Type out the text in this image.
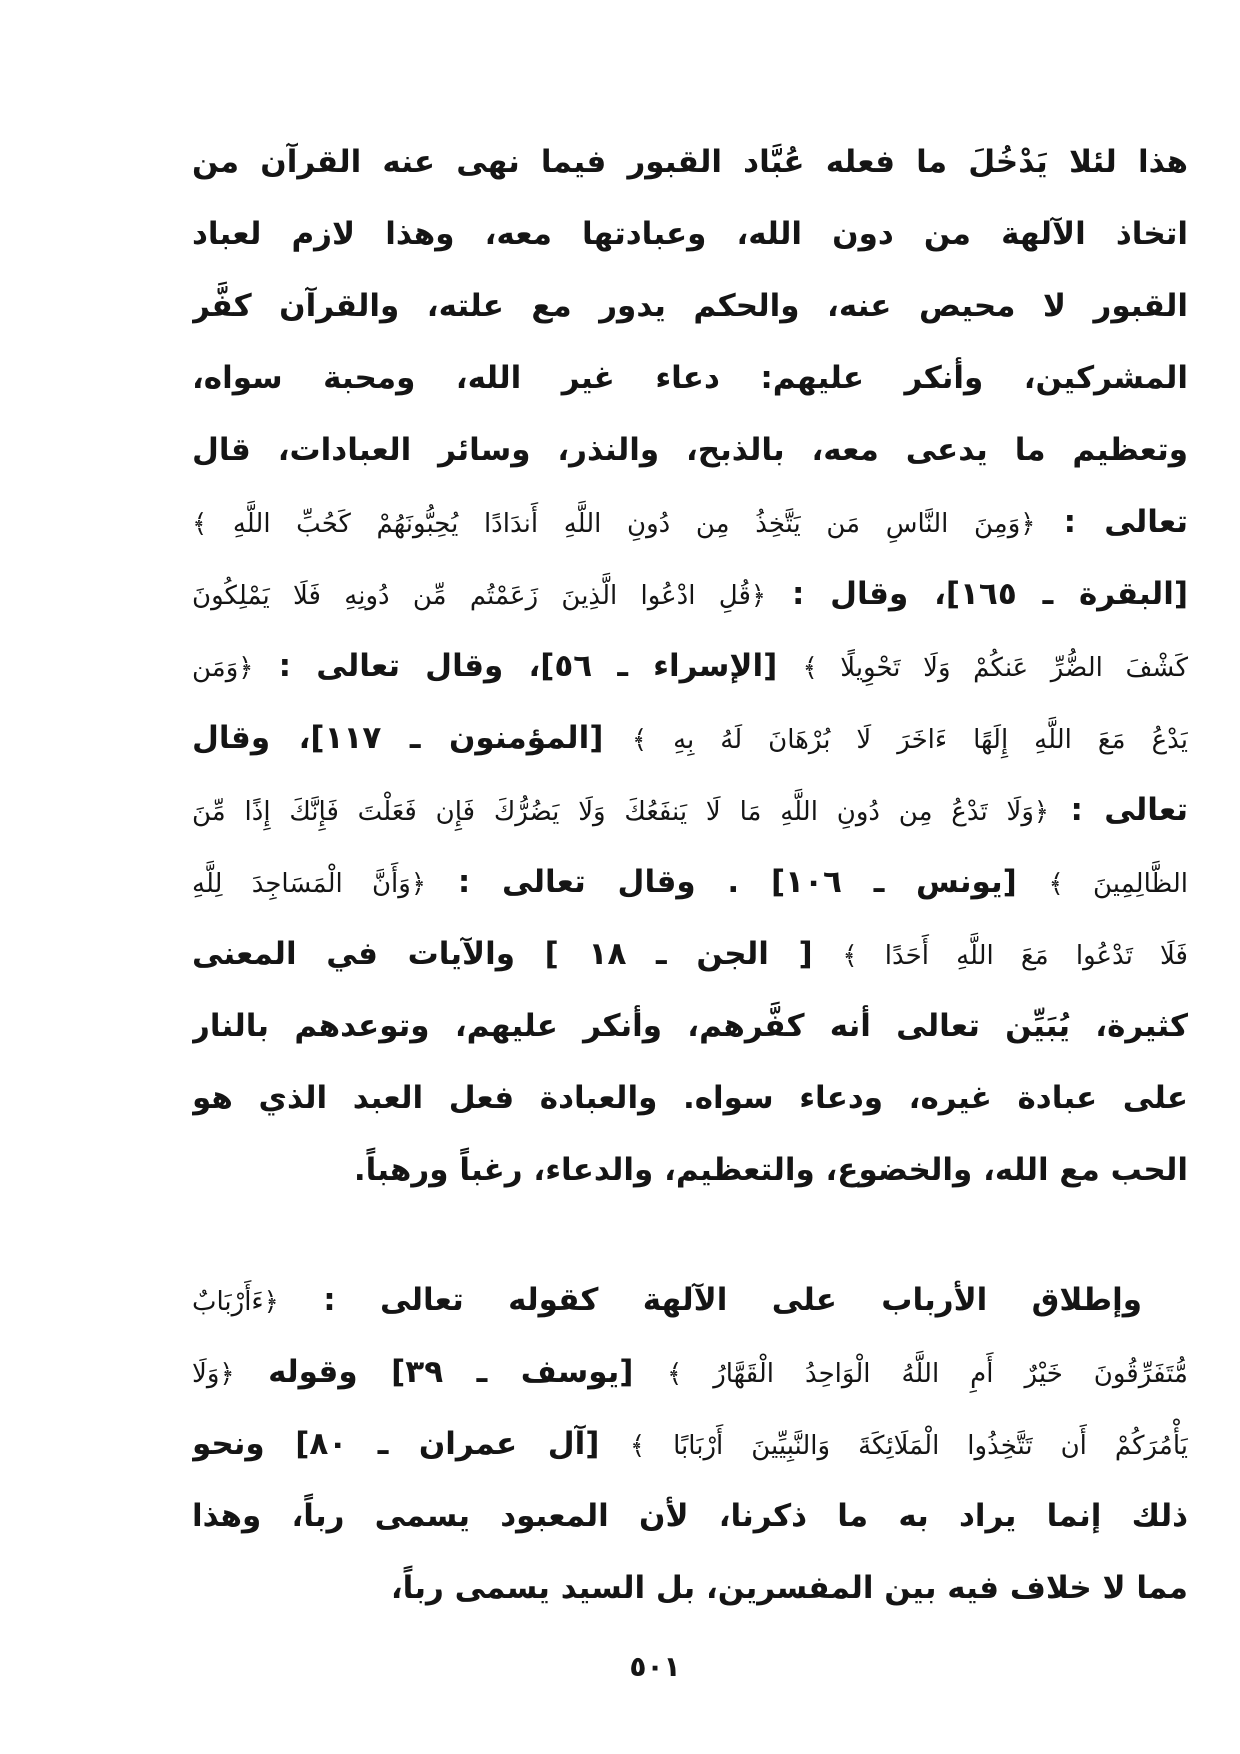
هذا لئلا يَدْخُلَ ما فعله عُبَّاد القبور فيما نهى عنه القرآن من
اتخاذ الآلهة من دون الله، وعبادتها معه، وهذا لازم لعباد
القبور لا محيص عنه، والحكم يدور مع علته، والقرآن كفَّر
المشركين، وأنكر عليهم: دعاء غير الله، ومحبة سواه،
وتعظيم ما يدعى معه، بالذبح، والنذر، وسائر العبادات، قال
تعالى : ﴿وَمِنَ النَّاسِ مَن يَتَّخِذُ مِن دُونِ اللَّهِ أَندَادًا يُحِبُّونَهُمْ كَحُبِّ اللَّهِ ﴾
[البقرة ـ ١٦٥]، وقال : ﴿قُلِ ادْعُوا الَّذِينَ زَعَمْتُم مِّن دُونِهِ فَلَا يَمْلِكُونَ
كَشْفَ الضُّرِّ عَنكُمْ وَلَا تَحْوِيلًا ﴾ [الإسراء ـ ٥٦]، وقال تعالى : ﴿وَمَن
يَدْعُ مَعَ اللَّهِ إِلَهًا ءَاخَرَ لَا بُرْهَانَ لَهُ بِهِ ﴾ [المؤمنون ـ ١١٧]، وقال
تعالى : ﴿وَلَا تَدْعُ مِن دُونِ اللَّهِ مَا لَا يَنفَعُكَ وَلَا يَضُرُّكَ فَإِن فَعَلْتَ فَإِنَّكَ إِذًا مِّنَ
الظَّالِمِينَ ﴾ [يونس ـ ١٠٦] . وقال تعالى : ﴿وَأَنَّ الْمَسَاجِدَ لِلَّهِ
فَلَا تَدْعُوا مَعَ اللَّهِ أَحَدًا ﴾ [ الجن ـ ١٨ ] والآيات في المعنى
كثيرة، يُبَيِّن تعالى أنه كفَّرهم، وأنكر عليهم، وتوعدهم بالنار
على عبادة غيره، ودعاء سواه. والعبادة فعل العبد الذي هو
الحب مع الله، والخضوع، والتعظيم، والدعاء، رغباً ورهباً.
وإطلاق الأرباب على الآلهة كقوله تعالى : ﴿ءَأَرْبَابٌ
مُّتَفَرِّقُونَ خَيْرٌ أَمِ اللَّهُ الْوَاحِدُ الْقَهَّارُ ﴾ [يوسف ـ ٣٩] وقوله ﴿وَلَا
يَأْمُرَكُمْ أَن تَتَّخِذُوا الْمَلَائِكَةَ وَالنَّبِيِّينَ أَرْبَابًا ﴾ [آل عمران ـ ٨٠] ونحو
ذلك إنما يراد به ما ذكرنا، لأن المعبود يسمى رباً، وهذا
مما لا خلاف فيه بين المفسرين، بل السيد يسمى رباً،
٥٠١
